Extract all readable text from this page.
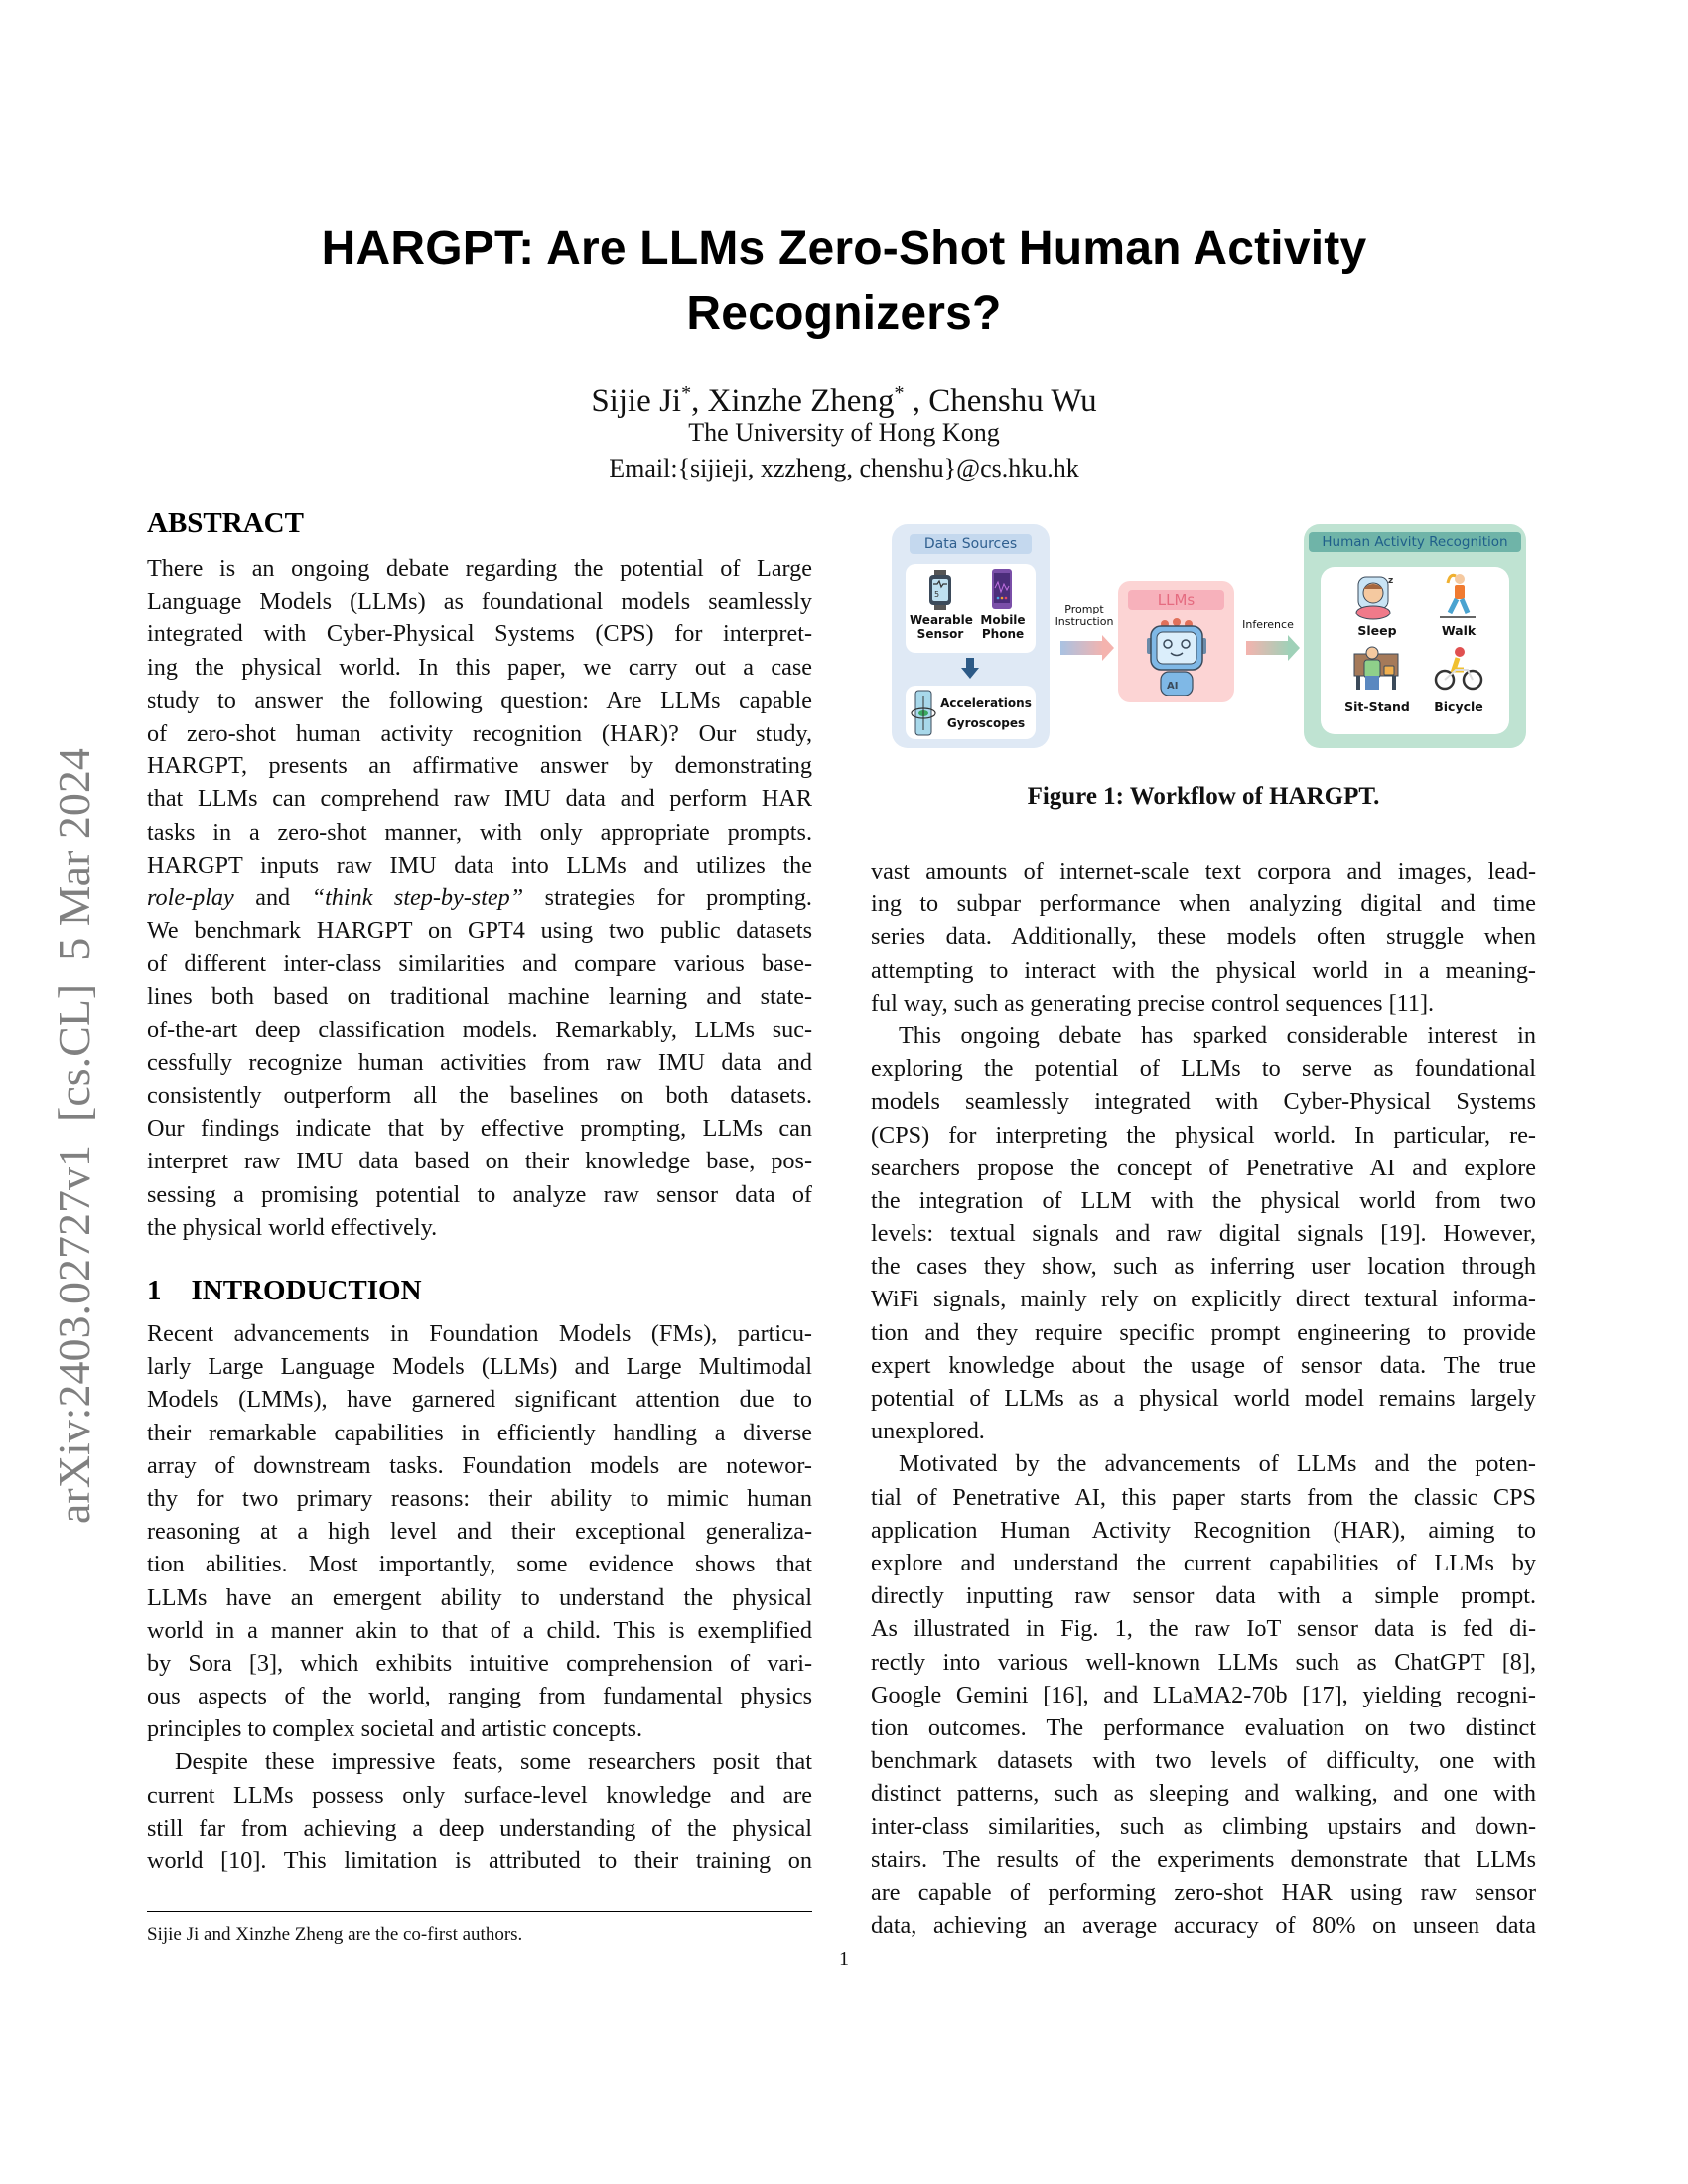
arXiv:2403.02727v1  [cs.CL]  5 Mar 2024
HARGPT: Are LLMs Zero-Shot Human Activity
Recognizers?
Sijie Ji*, Xinzhe Zheng* , Chenshu Wu
The University of Hong Kong
Email:{sijieji, xzzheng, chenshu}@cs.hku.hk
ABSTRACT
There is an ongoing debate regarding the potential of Large
Language Models (LLMs) as foundational models seamlessly
integrated with Cyber-Physical Systems (CPS) for interpret-
ing the physical world. In this paper, we carry out a case
study to answer the following question: Are LLMs capable
of zero-shot human activity recognition (HAR)? Our study,
HARGPT, presents an affirmative answer by demonstrating
that LLMs can comprehend raw IMU data and perform HAR
tasks in a zero-shot manner, with only appropriate prompts.
HARGPT inputs raw IMU data into LLMs and utilizes the
role-play and “think step-by-step” strategies for prompting.
We benchmark HARGPT on GPT4 using two public datasets
of different inter-class similarities and compare various base-
lines both based on traditional machine learning and state-
of-the-art deep classification models. Remarkably, LLMs suc-
cessfully recognize human activities from raw IMU data and
consistently outperform all the baselines on both datasets.
Our findings indicate that by effective prompting, LLMs can
interpret raw IMU data based on their knowledge base, pos-
sessing a promising potential to analyze raw sensor data of
the physical world effectively.
1 INTRODUCTION
Recent advancements in Foundation Models (FMs), particu-
larly Large Language Models (LLMs) and Large Multimodal
Models (LMMs), have garnered significant attention due to
their remarkable capabilities in efficiently handling a diverse
array of downstream tasks. Foundation models are notewor-
thy for two primary reasons: their ability to mimic human
reasoning at a high level and their exceptional generaliza-
tion abilities. Most importantly, some evidence shows that
LLMs have an emergent ability to understand the physical
world in a manner akin to that of a child. This is exemplified
by Sora [3], which exhibits intuitive comprehension of vari-
ous aspects of the world, ranging from fundamental physics
principles to complex societal and artistic concepts.
Despite these impressive feats, some researchers posit that
current LLMs possess only surface-level knowledge and are
still far from achieving a deep understanding of the physical
world [10]. This limitation is attributed to their training on
Sijie Ji and Xinzhe Zheng are the co-first authors.
1
Data Sources
5
Wearable
Sensor
Mobile
Phone
Accelerations
Gyroscopes
Prompt
Instruction
LLMs
AI
Inference
Human Activity Recognition
z
Sleep	Walk
Sit-Stand	Bicycle
Figure 1: Workflow of HARGPT.
vast amounts of internet-scale text corpora and images, lead-
ing to subpar performance when analyzing digital and time
series data. Additionally, these models often struggle when
attempting to interact with the physical world in a meaning-
ful way, such as generating precise control sequences [11].
This ongoing debate has sparked considerable interest in
exploring the potential of LLMs to serve as foundational
models seamlessly integrated with Cyber-Physical Systems
(CPS) for interpreting the physical world. In particular, re-
searchers propose the concept of Penetrative AI and explore
the integration of LLM with the physical world from two
levels: textual signals and raw digital signals [19]. However,
the cases they show, such as inferring user location through
WiFi signals, mainly rely on explicitly direct textural informa-
tion and they require specific prompt engineering to provide
expert knowledge about the usage of sensor data. The true
potential of LLMs as a physical world model remains largely
unexplored.
Motivated by the advancements of LLMs and the poten-
tial of Penetrative AI, this paper starts from the classic CPS
application Human Activity Recognition (HAR), aiming to
explore and understand the current capabilities of LLMs by
directly inputting raw sensor data with a simple prompt.
As illustrated in Fig. 1, the raw IoT sensor data is fed di-
rectly into various well-known LLMs such as ChatGPT [8],
Google Gemini [16], and LLaMA2-70b [17], yielding recogni-
tion outcomes. The performance evaluation on two distinct
benchmark datasets with two levels of difficulty, one with
distinct patterns, such as sleeping and walking, and one with
inter-class similarities, such as climbing upstairs and down-
stairs. The results of the experiments demonstrate that LLMs
are capable of performing zero-shot HAR using raw sensor
data, achieving an average accuracy of 80% on unseen data
